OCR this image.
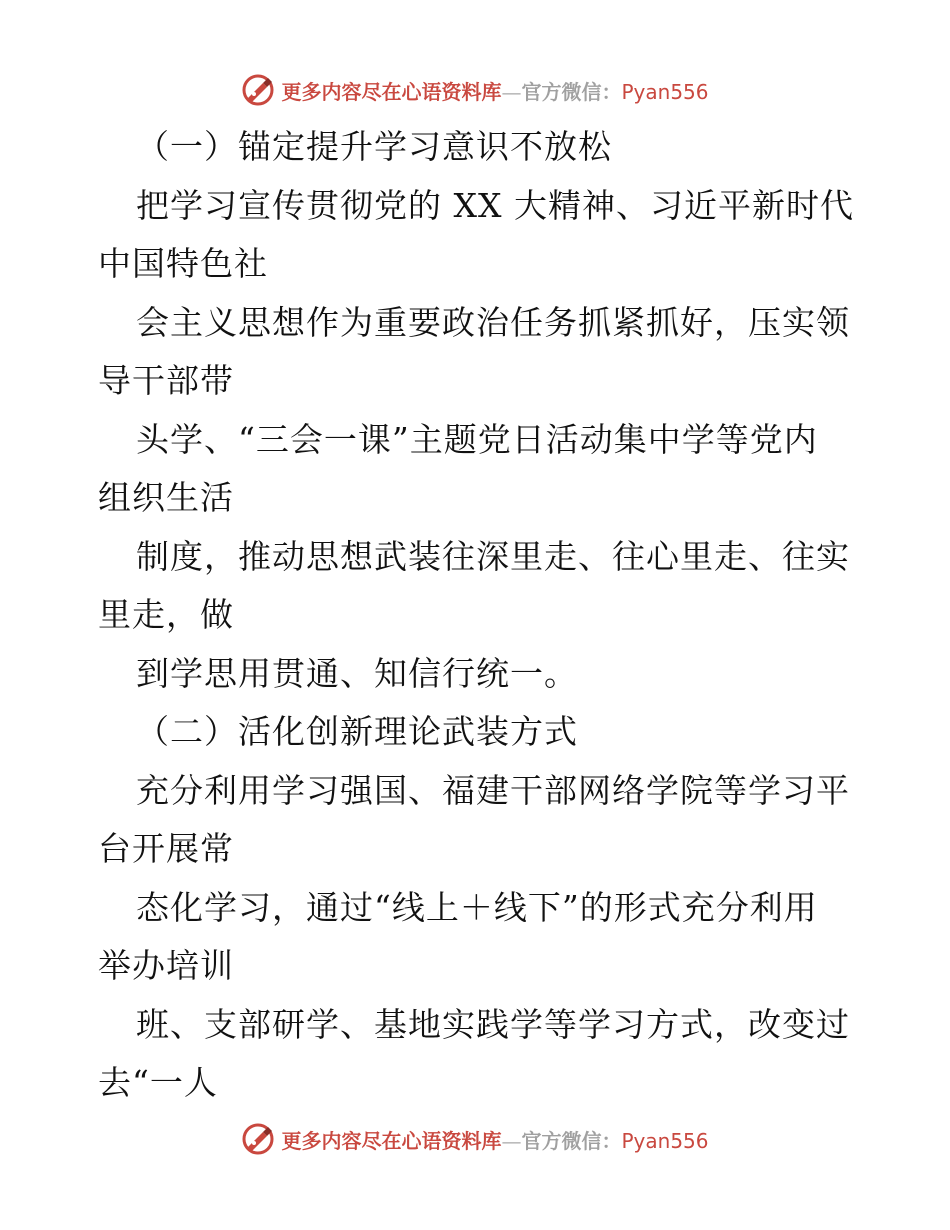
更多内容尽在心语资料库—官方微信：Pyan556
（一）锚定提升学习意识不放松
把学习宣传贯彻党的 XX 大精神、习近平新时代
中国特色社
会主义思想作为重要政治任务抓紧抓好，压实领
导干部带
头学、“三会一课”主题党日活动集中学等党内
组织生活
制度，推动思想武装往深里走、往心里走、往实
里走，做
到学思用贯通、知信行统一。
（二）活化创新理论武装方式
充分利用学习强国、福建干部网络学院等学习平
台开展常
态化学习，通过“线上＋线下”的形式充分利用
举办培训
班、支部研学、基地实践学等学习方式，改变过
去“一人
更多内容尽在心语资料库—官方微信：Pyan556
